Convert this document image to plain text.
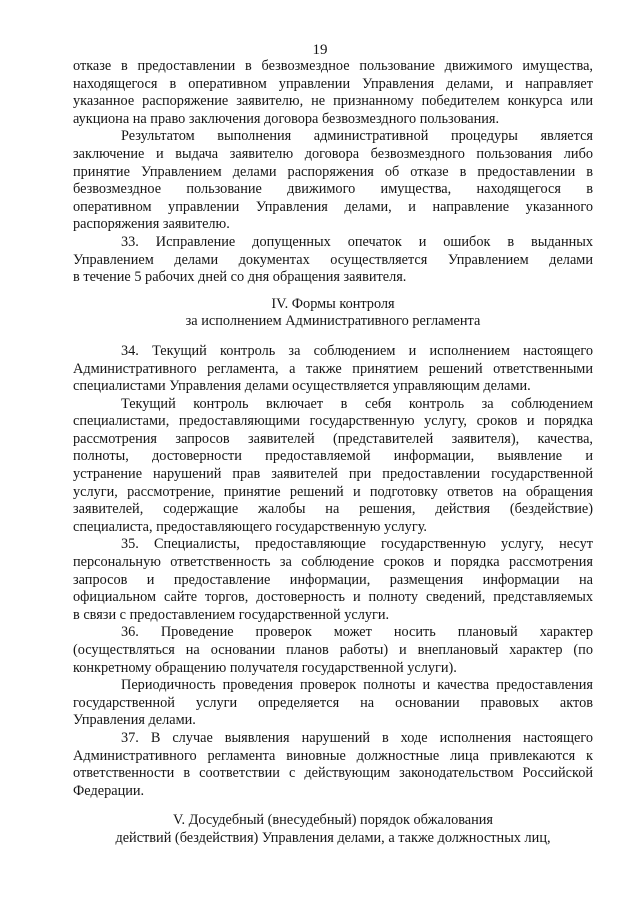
19
отказе в предоставлении в безвозмездное пользование движимого имущества,
находящегося в оперативном управлении Управления делами, и направляет
указанное распоряжение заявителю, не признанному победителем конкурса или
аукциона на право заключения договора безвозмездного пользования.
Результатом выполнения административной процедуры является
заключение и выдача заявителю договора безвозмездного пользования либо
принятие Управлением делами распоряжения об отказе в предоставлении в
безвозмездное пользование движимого имущества, находящегося в
оперативном управлении Управления делами, и направление указанного
распоряжения заявителю.
33. Исправление допущенных опечаток и ошибок в выданных
Управлением делами документах осуществляется Управлением делами
в течение 5 рабочих дней со дня обращения заявителя.
IV. Формы контроля
за исполнением Административного регламента
34. Текущий контроль за соблюдением и исполнением настоящего
Административного регламента, а также принятием решений ответственными
специалистами Управления делами осуществляется управляющим делами.
Текущий контроль включает в себя контроль за соблюдением
специалистами, предоставляющими государственную услугу, сроков и порядка
рассмотрения запросов заявителей (представителей заявителя), качества,
полноты, достоверности предоставляемой информации, выявление и
устранение нарушений прав заявителей при предоставлении государственной
услуги, рассмотрение, принятие решений и подготовку ответов на обращения
заявителей, содержащие жалобы на решения, действия (бездействие)
специалиста, предоставляющего государственную услугу.
35. Специалисты, предоставляющие государственную услугу, несут
персональную ответственность за соблюдение сроков и порядка рассмотрения
запросов и предоставление информации, размещения информации на
официальном сайте торгов, достоверность и полноту сведений, представляемых
в связи с предоставлением государственной услуги.
36. Проведение проверок может носить плановый характер
(осуществляться на основании планов работы) и внеплановый характер (по
конкретному обращению получателя государственной услуги).
Периодичность проведения проверок полноты и качества предоставления
государственной услуги определяется на основании правовых актов
Управления делами.
37. В случае выявления нарушений в ходе исполнения настоящего
Административного регламента виновные должностные лица привлекаются к
ответственности в соответствии с действующим законодательством Российской
Федерации.
V. Досудебный (внесудебный) порядок обжалования
действий (бездействия) Управления делами, а также должностных лиц,
